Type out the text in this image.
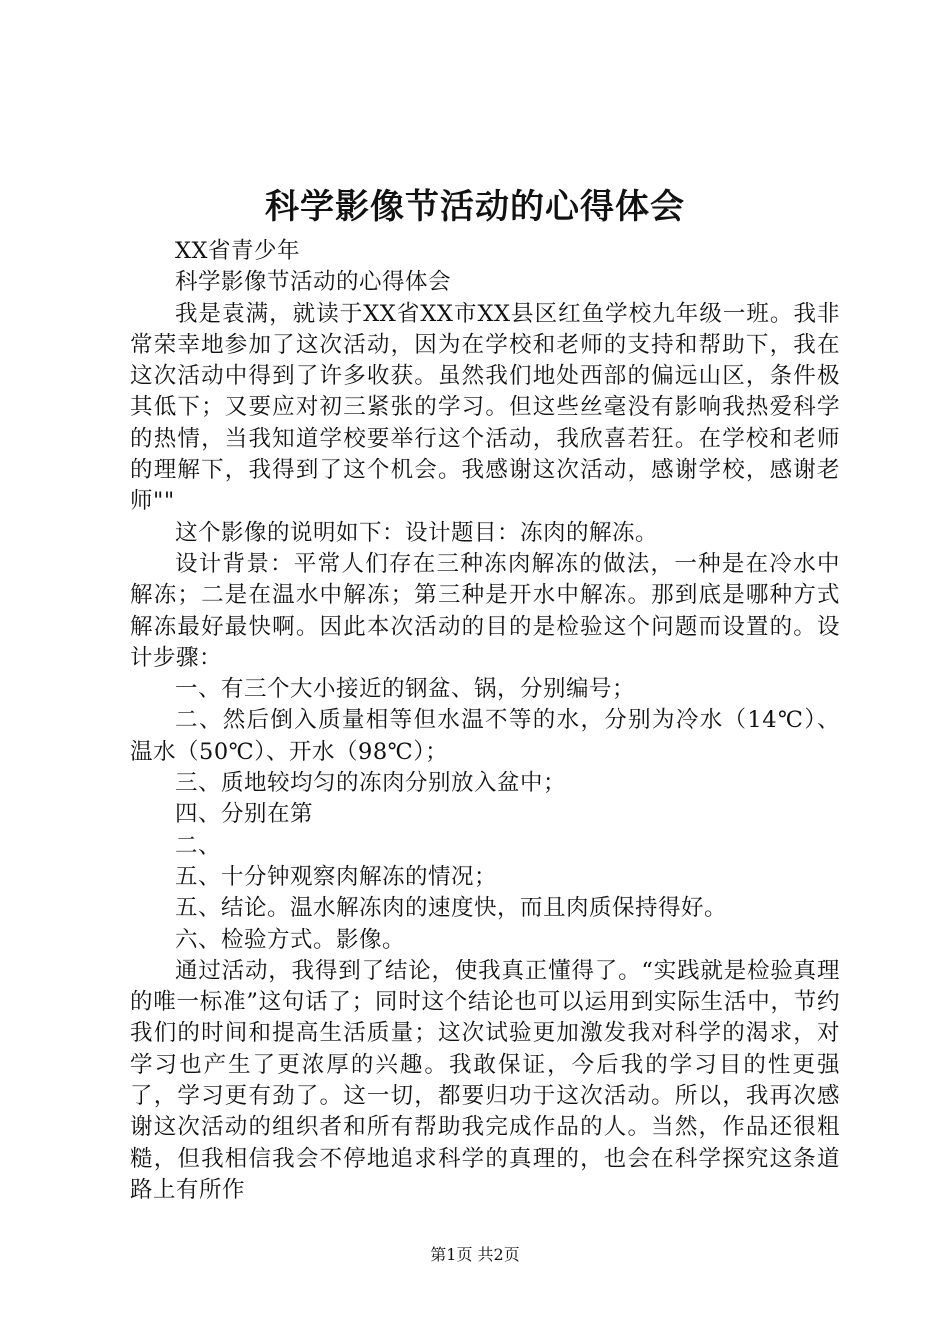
科学影像节活动的心得体会

XX省青少年

科学影像节活动的心得体会

我是袁满，就读于XX省XX市XX县区红鱼学校九年级一班。我非常荣幸地参加了这次活动，因为在学校和老师的支持和帮助下，我在这次活动中得到了许多收获。虽然我们地处西部的偏远山区，条件极其低下；又要应对初三紧张的学习。但这些丝毫没有影响我热爱科学的热情，当我知道学校要举行这个活动，我欣喜若狂。在学校和老师的理解下，我得到了这个机会。我感谢这次活动，感谢学校，感谢老师""

这个影像的说明如下：设计题目：冻肉的解冻。

设计背景：平常人们存在三种冻肉解冻的做法，一种是在冷水中解冻；二是在温水中解冻；第三种是开水中解冻。那到底是哪种方式解冻最好最快啊。因此本次活动的目的是检验这个问题而设置的。设计步骤：

一、有三个大小接近的钢盆、锅，分别编号；

二、然后倒入质量相等但水温不等的水，分别为冷水（14℃）、温水（50℃）、开水（98℃）；

三、质地较均匀的冻肉分别放入盆中；

四、分别在第

二、

五、十分钟观察肉解冻的情况；

五、结论。温水解冻肉的速度快，而且肉质保持得好。

六、检验方式。影像。

通过活动，我得到了结论，使我真正懂得了。“实践就是检验真理的唯一标准”这句话了；同时这个结论也可以运用到实际生活中，节约我们的时间和提高生活质量；这次试验更加激发我对科学的渴求，对学习也产生了更浓厚的兴趣。我敢保证，今后我的学习目的性更强了，学习更有劲了。这一切，都要归功于这次活动。所以，我再次感谢这次活动的组织者和所有帮助我完成作品的人。当然，作品还很粗糙，但我相信我会不停地追求科学的真理的，也会在科学探究这条道路上有所作

第1页 共2页
